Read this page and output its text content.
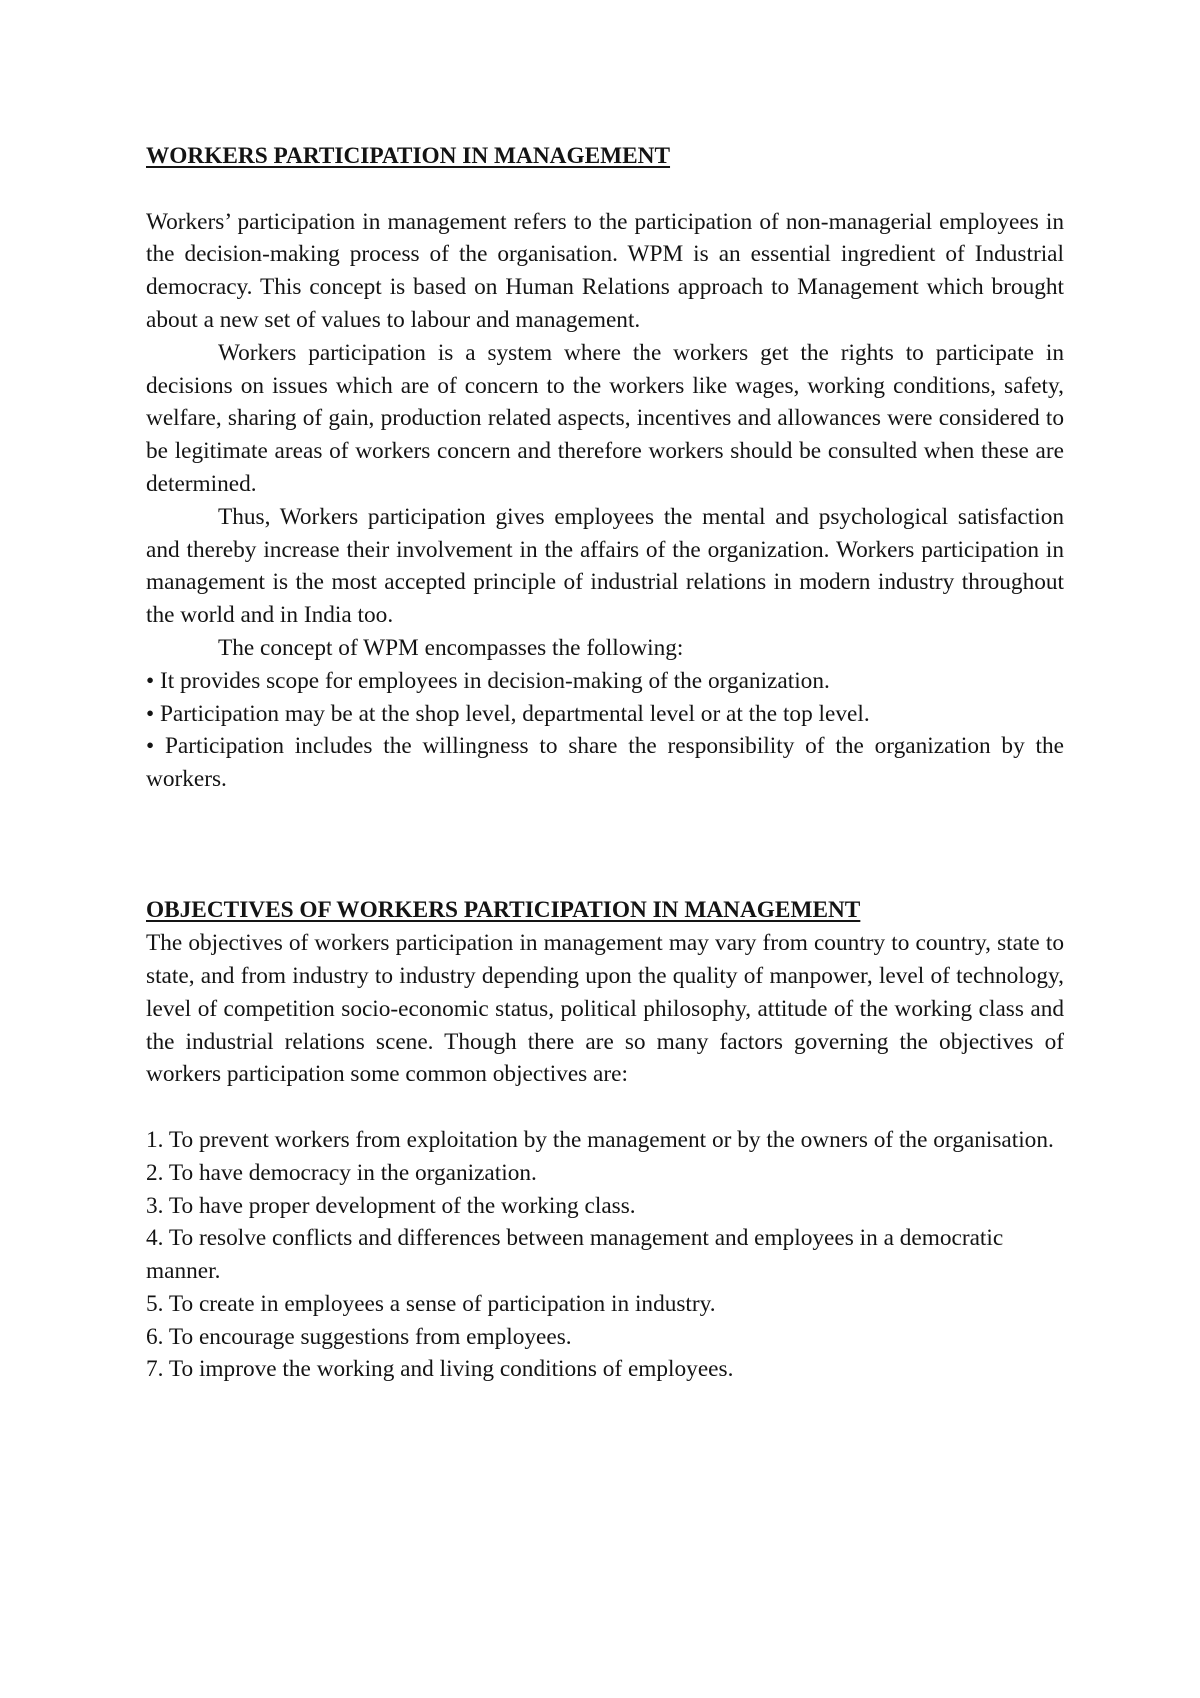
WORKERS PARTICIPATION IN MANAGEMENT

Workers’ participation in management refers to the participation of non-managerial employees in the decision-making process of the organisation. WPM is an essential ingredient of Industrial democracy. This concept is based on Human Relations approach to Management which brought about a new set of values to labour and management.

Workers participation is a system where the workers get the rights to participate in decisions on issues which are of concern to the workers like wages, working conditions, safety, welfare, sharing of gain, production related aspects, incentives and allowances were considered to be legitimate areas of workers concern and therefore workers should be consulted when these are determined.

Thus, Workers participation gives employees the mental and psychological satisfaction and thereby increase their involvement in the affairs of the organization. Workers participation in management is the most accepted principle of industrial relations in modern industry throughout the world and in India too.

The concept of WPM encompasses the following:

• It provides scope for employees in decision-making of the organization.
• Participation may be at the shop level, departmental level or at the top level.
• Participation includes the willingness to share the responsibility of the organization by the workers.

OBJECTIVES OF WORKERS PARTICIPATION IN MANAGEMENT

The objectives of workers participation in management may vary from country to country, state to state, and from industry to industry depending upon the quality of manpower, level of technology, level of competition socio-economic status, political philosophy, attitude of the working class and the industrial relations scene. Though there are so many factors governing the objectives of workers participation some common objectives are:

1. To prevent workers from exploitation by the management or by the owners of the organisation.
2. To have democracy in the organization.
3. To have proper development of the working class.
4. To resolve conflicts and differences between management and employees in a democratic manner.
5. To create in employees a sense of participation in industry.
6. To encourage suggestions from employees.
7. To improve the working and living conditions of employees.
